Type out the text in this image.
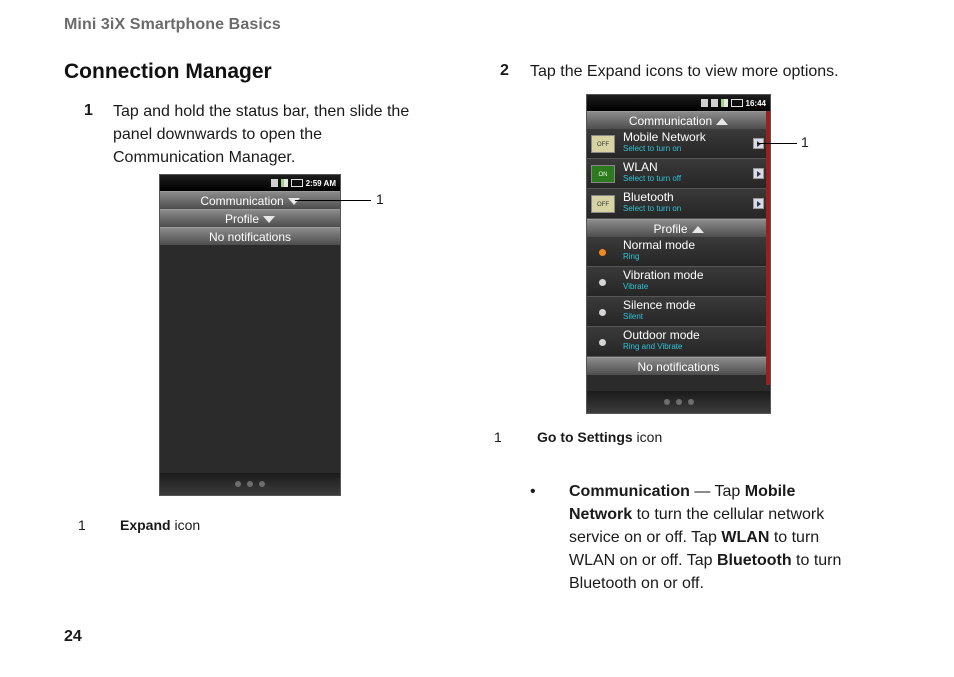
Mini 3iX Smartphone Basics
Connection Manager
1 Tap and hold the status bar, then slide the panel downwards to open the Communication Manager.
2:59 AM
Communication
Profile
No notifications
1
1 Expand icon
2 Tap the Expand icons to view more options.
16:44
Communication
OFF
Mobile Network
Select to turn on
ON
WLAN
Select to turn off
OFF
Bluetooth
Select to turn on
Profile
Normal mode
Ring
Vibration mode
Vibrate
Silence mode
Silent
Outdoor mode
Ring and Vibrate
No notifications
1
1	Go to Settings icon
• Communication — Tap Mobile Network to turn the cellular network service on or off. Tap WLAN to turn WLAN on or off. Tap Bluetooth to turn Bluetooth on or off.
24
